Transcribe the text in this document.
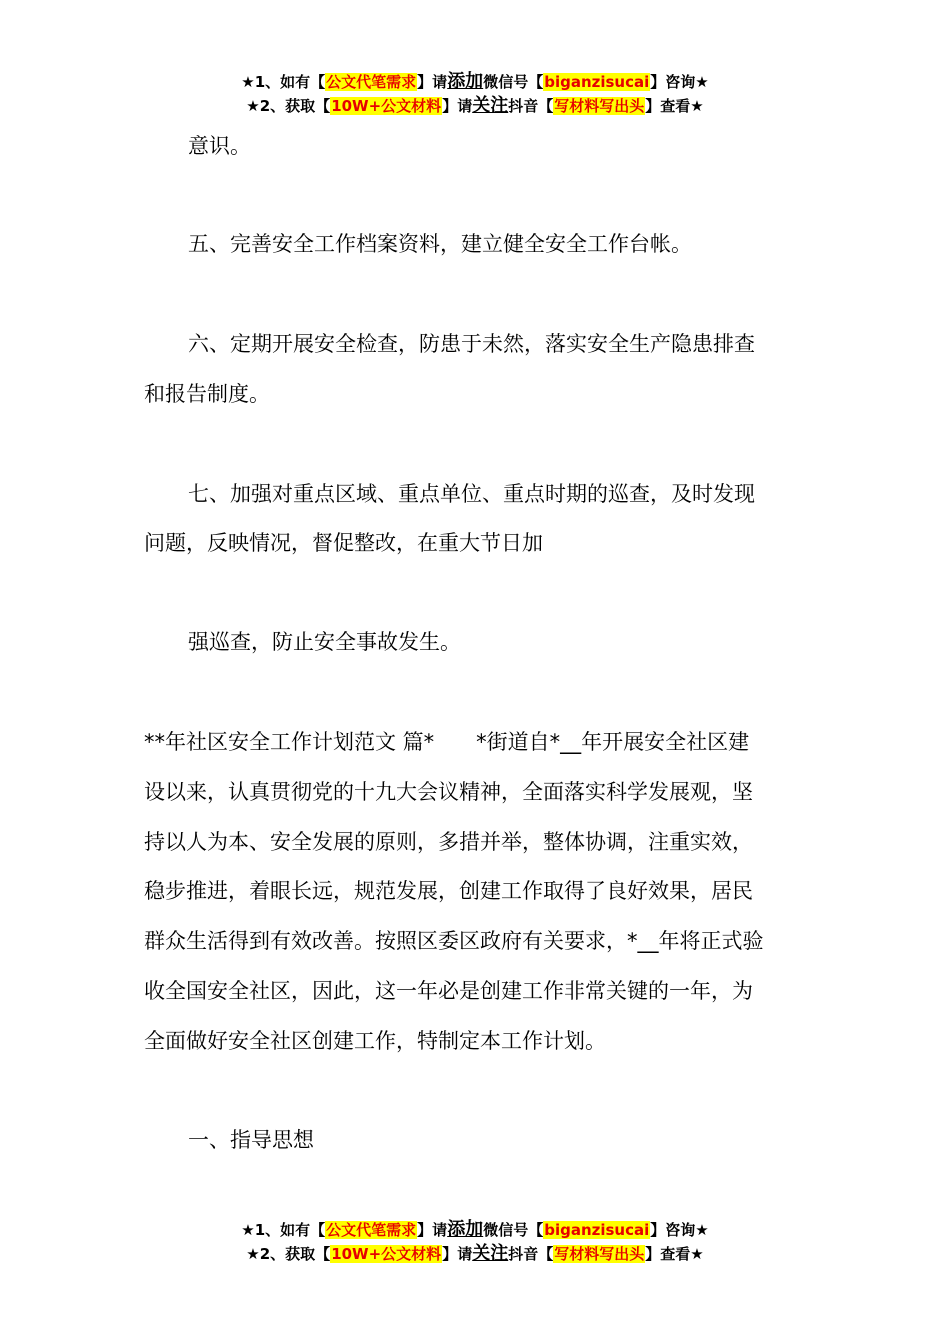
★1、如有【公文代笔需求】请添加微信号【biganzisucai】咨询★
★2、获取【10W+公文材料】请关注抖音【写材料写出头】查看★
意识。
五、完善安全工作档案资料，建立健全安全工作台帐。
六、定期开展安全检查，防患于未然，落实安全生产隐患排查
和报告制度。
七、加强对重点区域、重点单位、重点时期的巡查，及时发现
问题，反映情况，督促整改，在重大节日加
强巡查，防止安全事故发生。
**年社区安全工作计划范文 篇*　　*街道自*__年开展安全社区建
设以来，认真贯彻党的十九大会议精神，全面落实科学发展观，坚
持以人为本、安全发展的原则，多措并举，整体协调，注重实效，
稳步推进，着眼长远，规范发展，创建工作取得了良好效果，居民
群众生活得到有效改善。按照区委区政府有关要求，*__年将正式验
收全国安全社区，因此，这一年必是创建工作非常关键的一年，为
全面做好安全社区创建工作，特制定本工作计划。
一、指导思想
★1、如有【公文代笔需求】请添加微信号【biganzisucai】咨询★
★2、获取【10W+公文材料】请关注抖音【写材料写出头】查看★
